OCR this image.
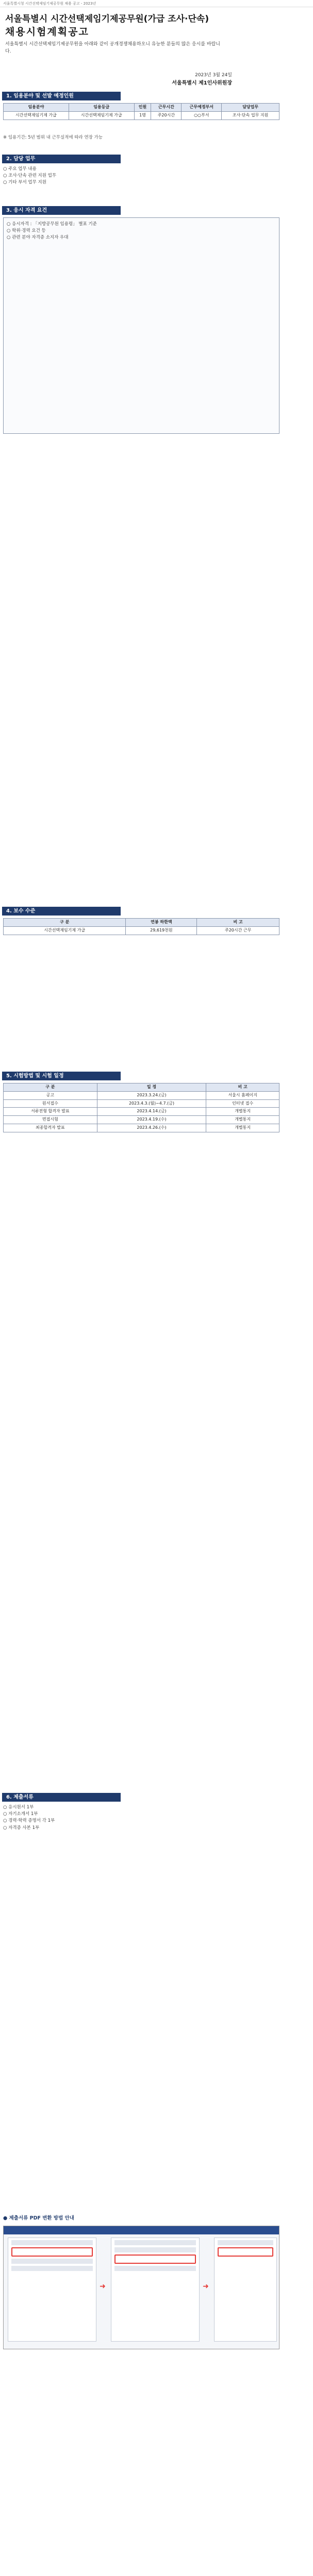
서울특별시청 시간선택제임기제공무원 채용 공고 - 2023년
서울특별시 시간선택제임기제공무원(가급 조사·단속)
채용시험계획공고
서울특별시 시간선택제임기제공무원을 아래와 같이 공개경쟁채용하오니 유능한 분들의 많은 응시를 바랍니다.
2023년 3월 24일
서울특별시 제1인사위원장
1. 임용분야 및 선발 예정인원
임용분야	임용등급	인원	근무시간	근무예정부서	담당업무
시간선택제임기제 가급	시간선택제임기제 가급	1명	주20시간	○○부서	조사·단속 업무 지원
※ 임용기간: 5년 범위 내 근무실적에 따라 연장 가능
2. 담당 업무
○ 주요 업무 내용
○ 조사·단속 관련 지원 업무
○ 기타 부서 업무 지원
3. 응시 자격 요건
○ 응시자격 : 「지방공무원 임용령」 별표 기준
○ 학위·경력 요건 등
○ 관련 분야 자격증 소지자 우대
4. 보수 수준
구 분	연봉 하한액	비 고
시간선택제임기제 가급	29,619천원	주20시간 근무
5. 시험방법 및 시험 일정
구 분	일 정	비 고
공고	2023.3.24.(금)	서울시 홈페이지
원서접수	2023.4.3.(월)~4.7.(금)	인터넷 접수
서류전형 합격자 발표	2023.4.14.(금)	개별통지
면접시험	2023.4.19.(수)	개별통지
최종합격자 발표	2023.4.26.(수)	개별통지
6. 제출서류
○ 응시원서 1부
○ 자기소개서 1부
○ 경력·학력 증명서 각 1부
○ 자격증 사본 1부
● 제출서류 PDF 변환 방법 안내
➜	➜
